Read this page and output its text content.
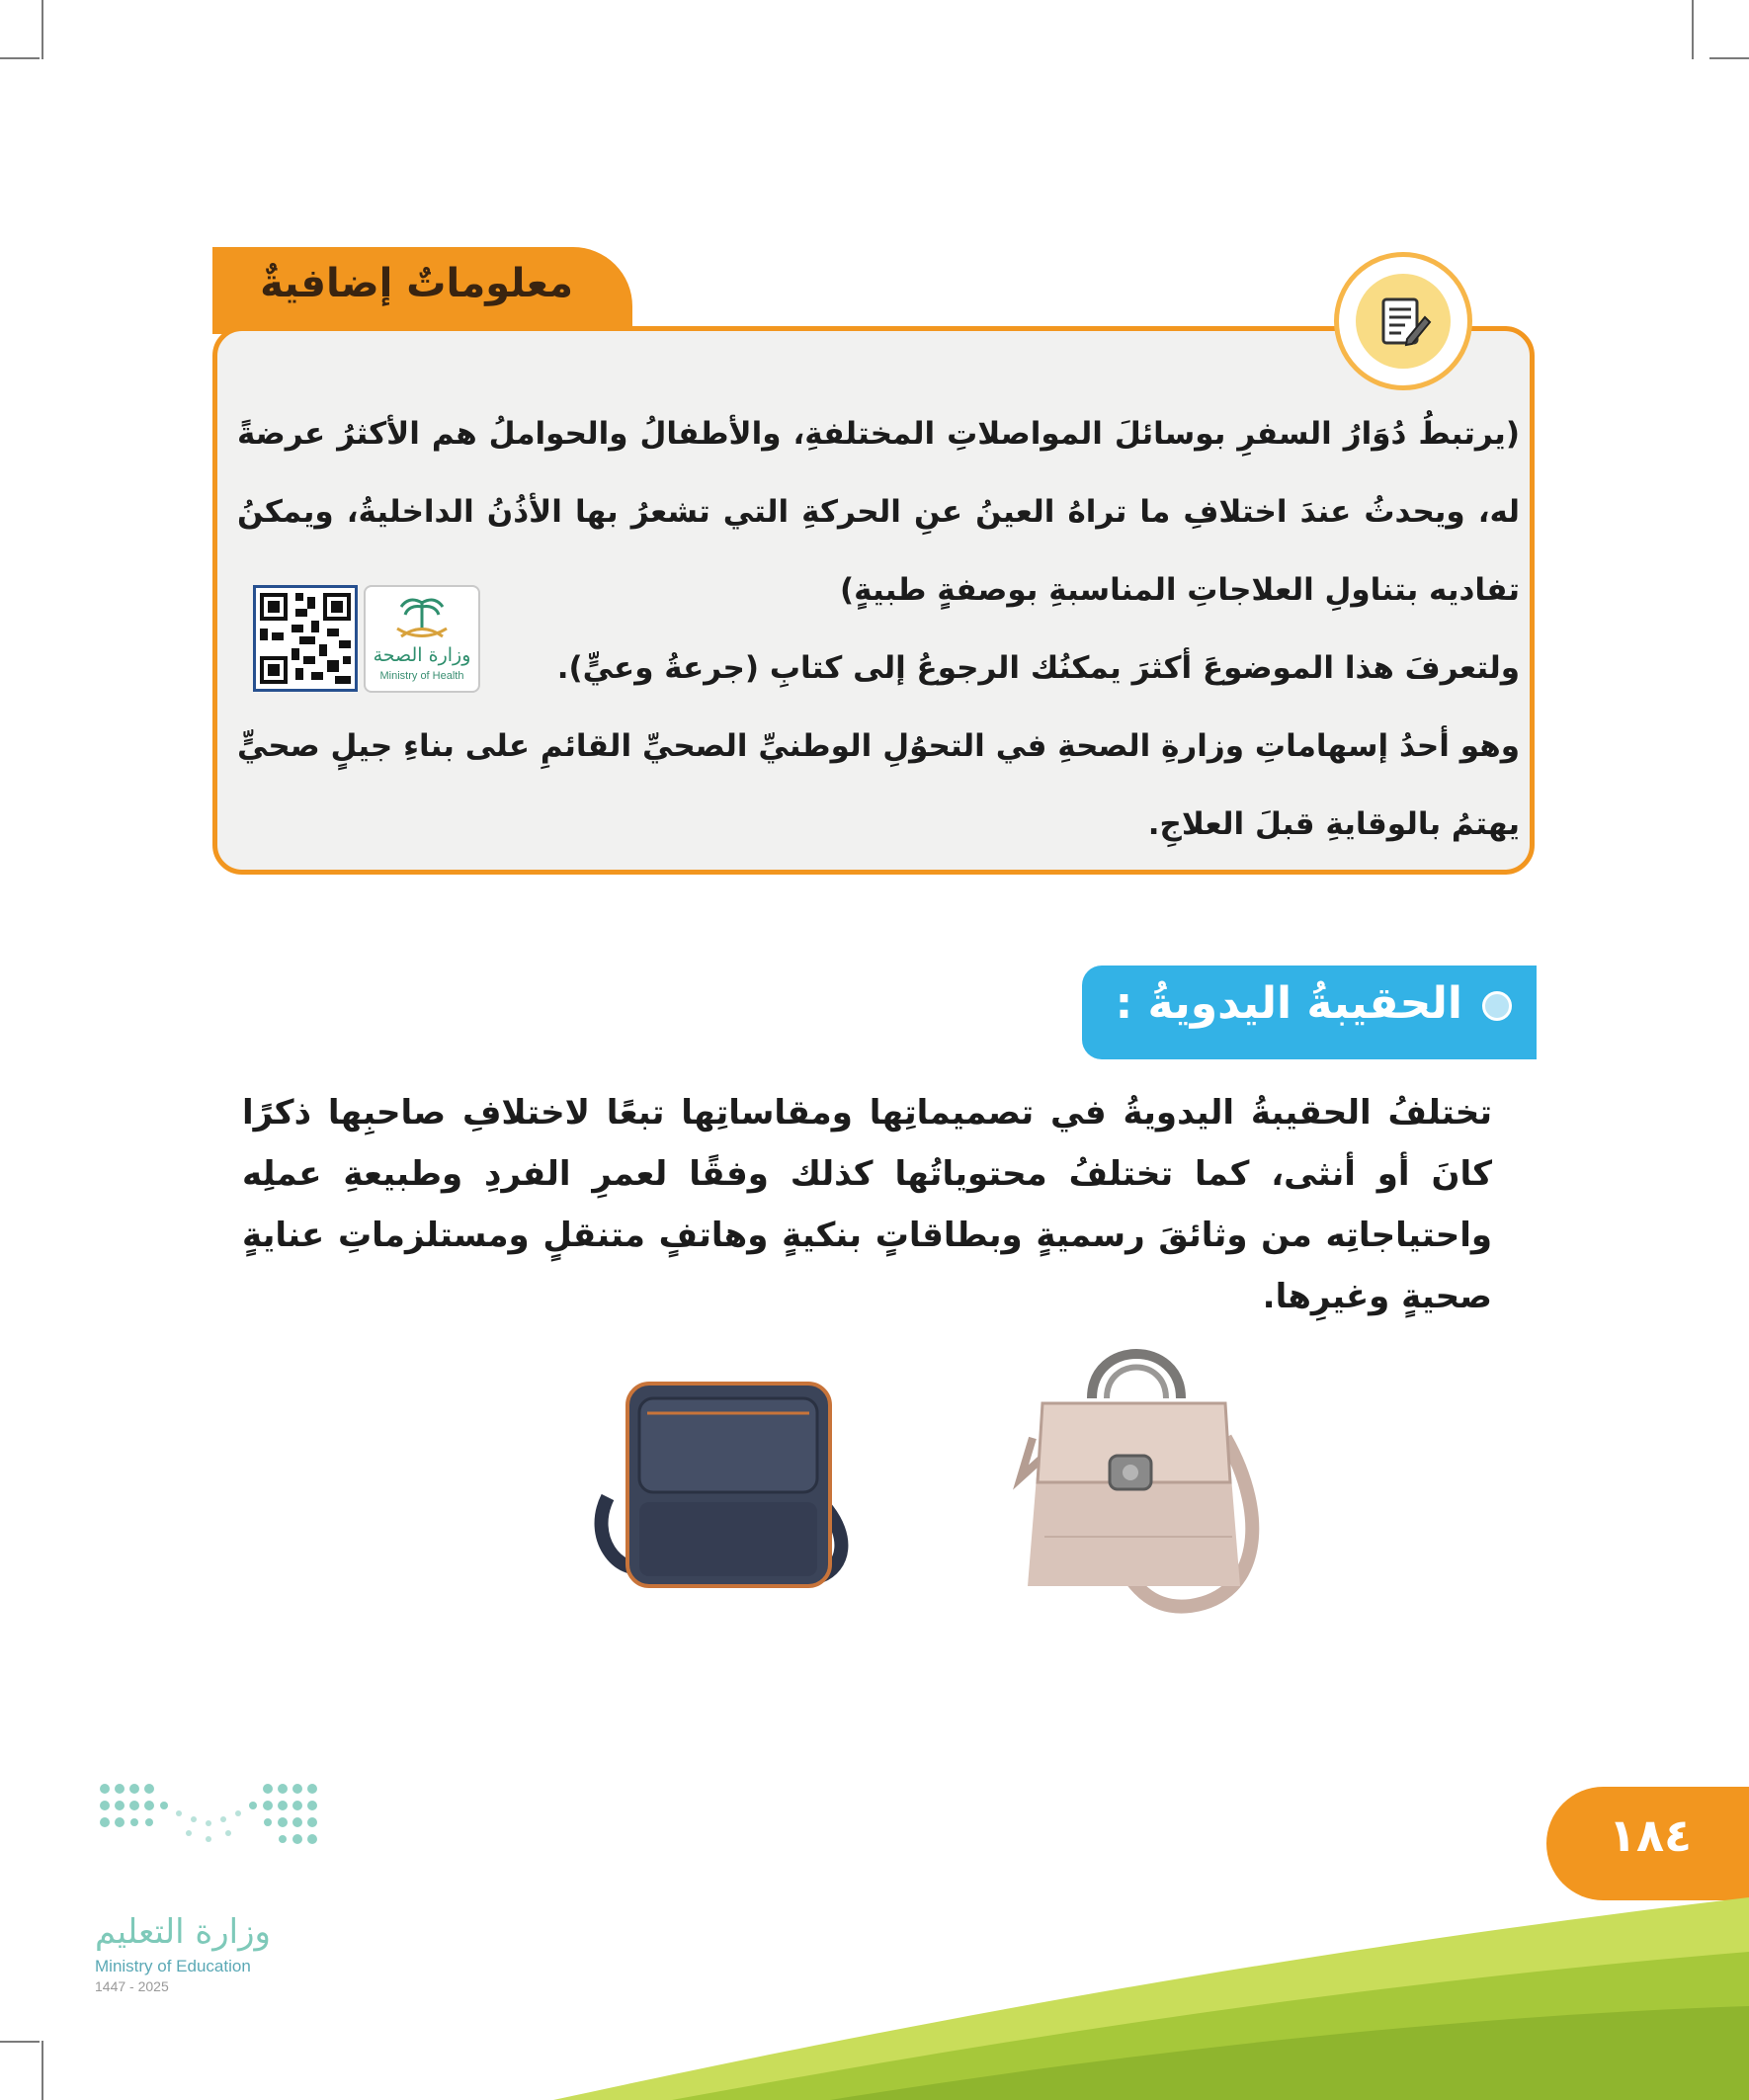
معلوماتٌ إضافيةٌ

(يرتبطُ دُوَارُ السفرِ بوسائلَ المواصلاتِ المختلفةِ، والأطفالُ والحواملُ هم الأكثرُ عرضةً له، ويحدثُ عندَ اختلافِ ما تراهُ العينُ عنِ الحركةِ التي تشعرُ بها الأذُنُ الداخليةُ، ويمكنُ تفاديه بتناولِ العلاجاتِ المناسبةِ بوصفةٍ طبيةٍ)

ولتعرفَ هذا الموضوعَ أكثرَ يمكنُك الرجوعُ إلى كتابِ (جرعةُ وعيٍّ).

وهو أحدُ إسهاماتِ وزارةِ الصحةِ في التحوُلِ الوطنيِّ الصحيِّ القائمِ على بناءِ جيلٍ صحيٍّ يهتمُ بالوقايةِ قبلَ العلاجِ.

وزارة الصحة
Ministry of Health
الحقيبةُ اليدويةُ :
تختلفُ الحقيبةُ اليدويةُ في تصميماتِها ومقاساتِها تبعًا لاختلافِ صاحبِها ذكرًا كانَ أو أنثى، كما تختلفُ محتوياتُها كذلك وفقًا لعمرِ الفردِ وطبيعةِ عملِه واحتياجاتِه من وثائقَ رسميةٍ وبطاقاتٍ بنكيةٍ وهاتفٍ متنقلٍ ومستلزماتِ عنايةٍ صحيةٍ وغيرِها.
١٨٤
وزارة التعليم
Ministry of Education
2025 - 1447
